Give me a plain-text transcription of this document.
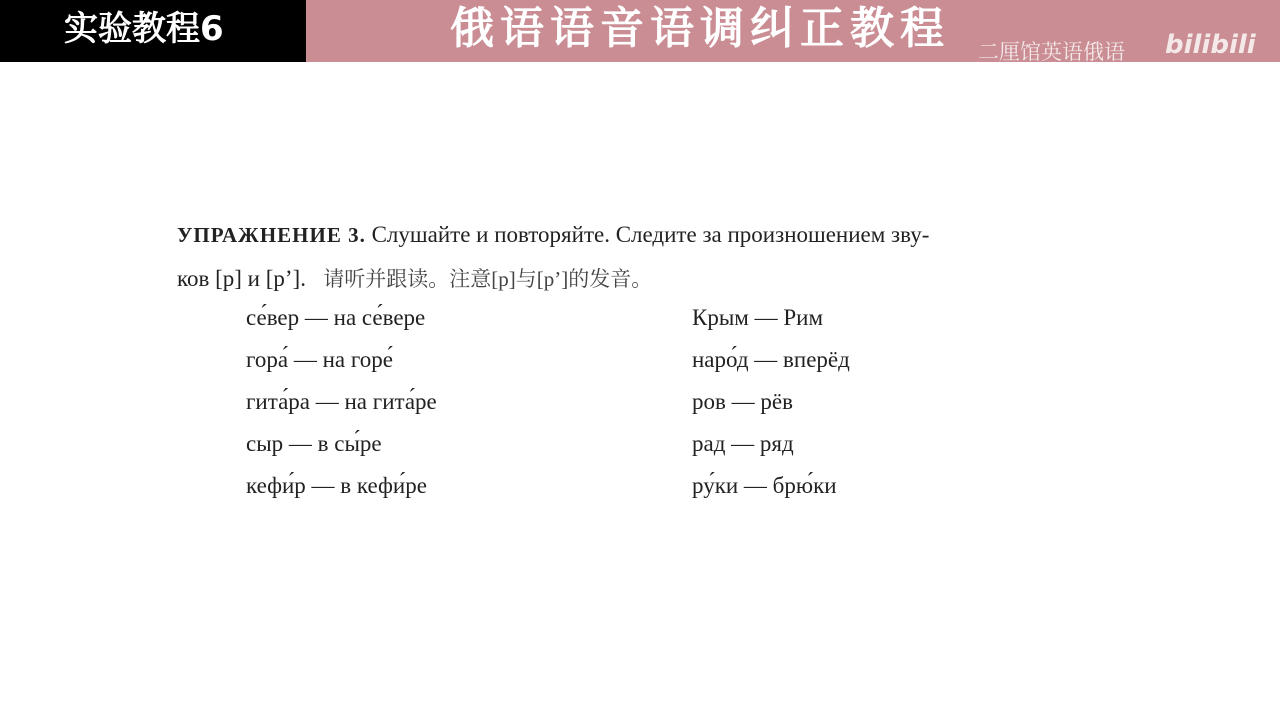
实验教程6	俄语语音语调纠正教程 二厘馆英语俄语 bilibili
УПРАЖНЕНИЕ 3. Слушайте и повторяйте. Следите за произношением зву-
ков [р] и [р’]. 请听并跟读。注意[р]与[р’]的发音。
се́вер — на се́вере
гора́ — на горе́
гита́ра — на гита́ре
сыр — в сы́ре
кефи́р — в кефи́ре
Крым — Рим
наро́д — вперёд
ров — рёв
рад — ряд
ру́ки — брю́ки
